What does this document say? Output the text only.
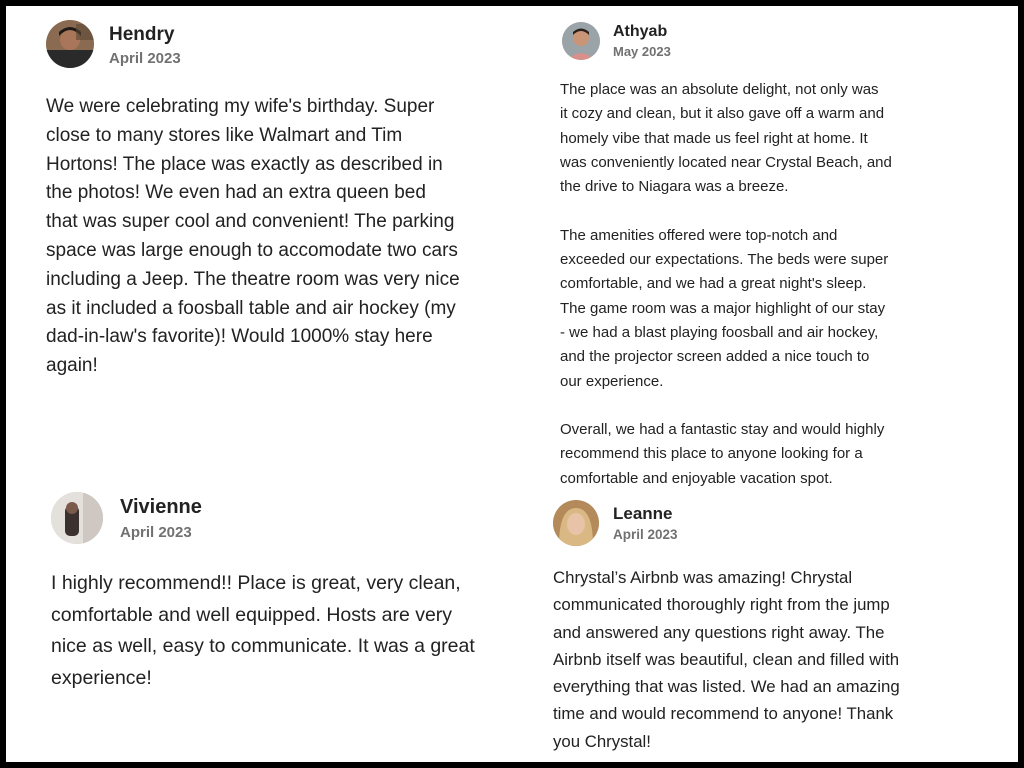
Hendry
April 2023

We were celebrating my wife's birthday. Super
close to many stores like Walmart and Tim
Hortons! The place was exactly as described in
the photos! We even had an extra queen bed
that was super cool and convenient! The parking
space was large enough to accomodate two cars
including a Jeep. The theatre room was very nice
as it included a foosball table and air hockey (my
dad-in-law's favorite)! Would 1000% stay here
again!

Athyab
May 2023

The place was an absolute delight, not only was
it cozy and clean, but it also gave off a warm and
homely vibe that made us feel right at home. It
was conveniently located near Crystal Beach, and
the drive to Niagara was a breeze.

The amenities offered were top-notch and
exceeded our expectations. The beds were super
comfortable, and we had a great night's sleep.
The game room was a major highlight of our stay
- we had a blast playing foosball and air hockey,
and the projector screen added a nice touch to
our experience.

Overall, we had a fantastic stay and would highly
recommend this place to anyone looking for a
comfortable and enjoyable vacation spot.

Vivienne
April 2023

I highly recommend!! Place is great, very clean,
comfortable and well equipped. Hosts are very
nice as well, easy to communicate. It was a great
experience!

Leanne
April 2023

Chrystal’s Airbnb was amazing! Chrystal
communicated thoroughly right from the jump
and answered any questions right away. The
Airbnb itself was beautiful, clean and filled with
everything that was listed. We had an amazing
time and would recommend to anyone! Thank
you Chrystal!
